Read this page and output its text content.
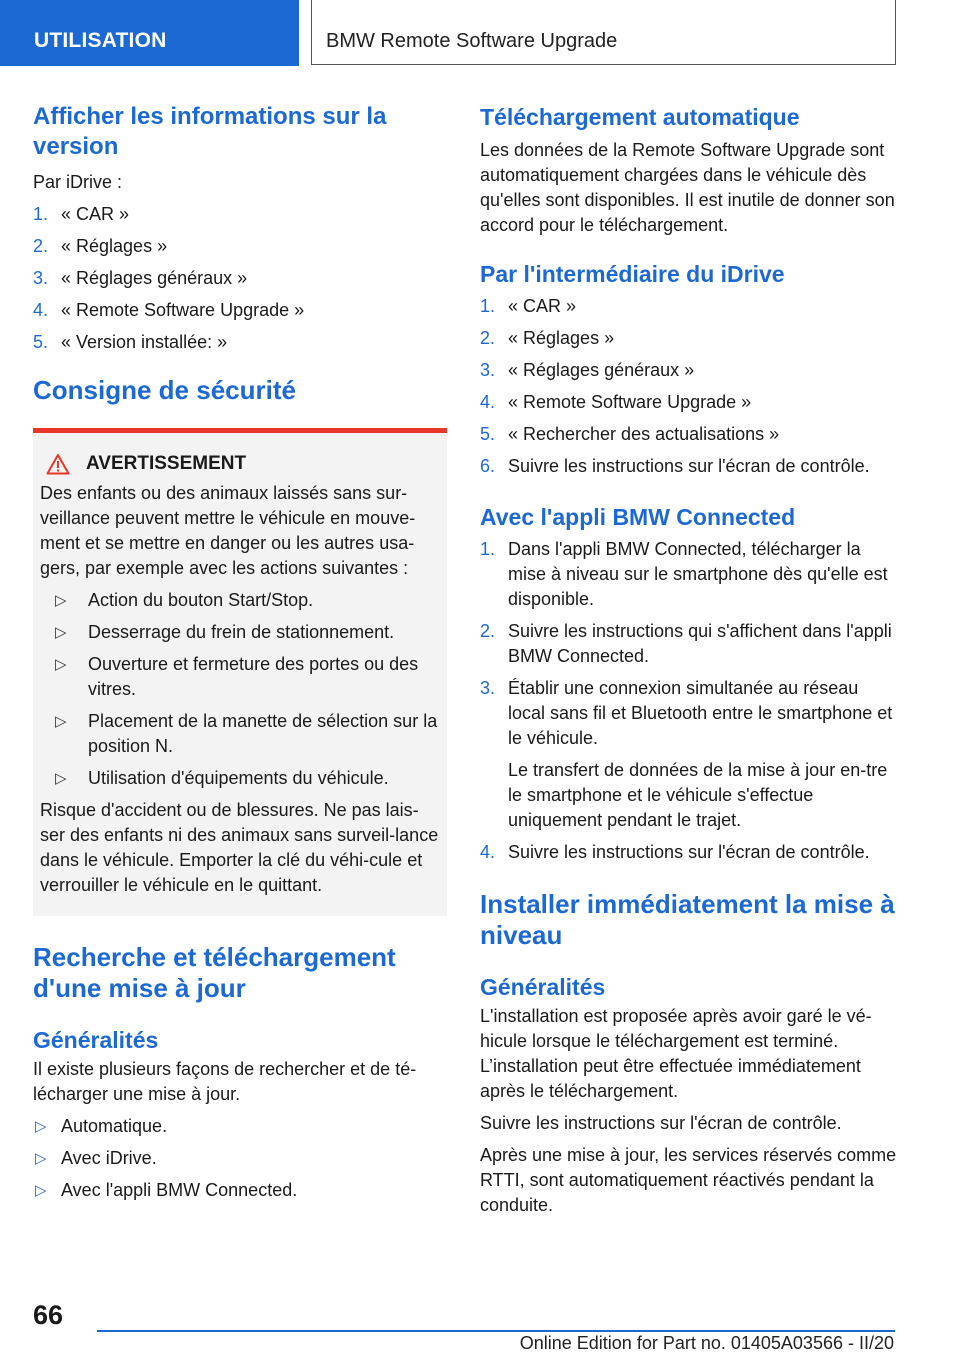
UTILISATION	BMW Remote Software Upgrade
Afficher les informations sur la version

Par iDrive :

1. « CAR »
2. « Réglages »
3. « Réglages généraux »
4. « Remote Software Upgrade »
5. « Version installée: »
Consigne de sécurité
AVERTISSEMENT

Des enfants ou des animaux laissés sans sur-veillance peuvent mettre le véhicule en mouve-ment et se mettre en danger ou les autres usa-gers, par exemple avec les actions suivantes :

▷ Action du bouton Start/Stop.
▷ Desserrage du frein de stationnement.
▷ Ouverture et fermeture des portes ou des vitres.
▷ Placement de la manette de sélection sur la position N.
▷ Utilisation d'équipements du véhicule.

Risque d'accident ou de blessures. Ne pas lais-ser des enfants ni des animaux sans surveil-lance dans le véhicule. Emporter la clé du véhi-cule et verrouiller le véhicule en le quittant.

Recherche et téléchargement d'une mise à jour
Généralités

Il existe plusieurs façons de rechercher et de té-lécharger une mise à jour.

▷ Automatique.
▷ Avec iDrive.
▷ Avec l'appli BMW Connected.
Téléchargement automatique

Les données de la Remote Software Upgrade sont automatiquement chargées dans le véhicule dès qu'elles sont disponibles. Il est inutile de donner son accord pour le téléchargement.

Par l'intermédiaire du iDrive
1. « CAR »
2. « Réglages »
3. « Réglages généraux »
4. « Remote Software Upgrade »
5. « Rechercher des actualisations »
6. Suivre les instructions sur l'écran de contrôle.
Avec l'appli BMW Connected
1. Dans l'appli BMW Connected, télécharger la mise à niveau sur le smartphone dès qu'elle est disponible.
2. Suivre les instructions qui s'affichent dans l'appli BMW Connected.
3. Établir une connexion simultanée au réseau local sans fil et Bluetooth entre le smartphone et le véhicule.
Le transfert de données de la mise à jour en-tre le smartphone et le véhicule s'effectue uniquement pendant le trajet.
4. Suivre les instructions sur l'écran de contrôle.
Installer immédiatement la mise à niveau
Généralités

L'installation est proposée après avoir garé le vé-hicule lorsque le téléchargement est terminé. L’installation peut être effectuée immédiatement après le téléchargement.

Suivre les instructions sur l'écran de contrôle.

Après une mise à jour, les services réservés comme RTTI, sont automatiquement réactivés pendant la conduite.

66
Online Edition for Part no. 01405A03566 - II/20
